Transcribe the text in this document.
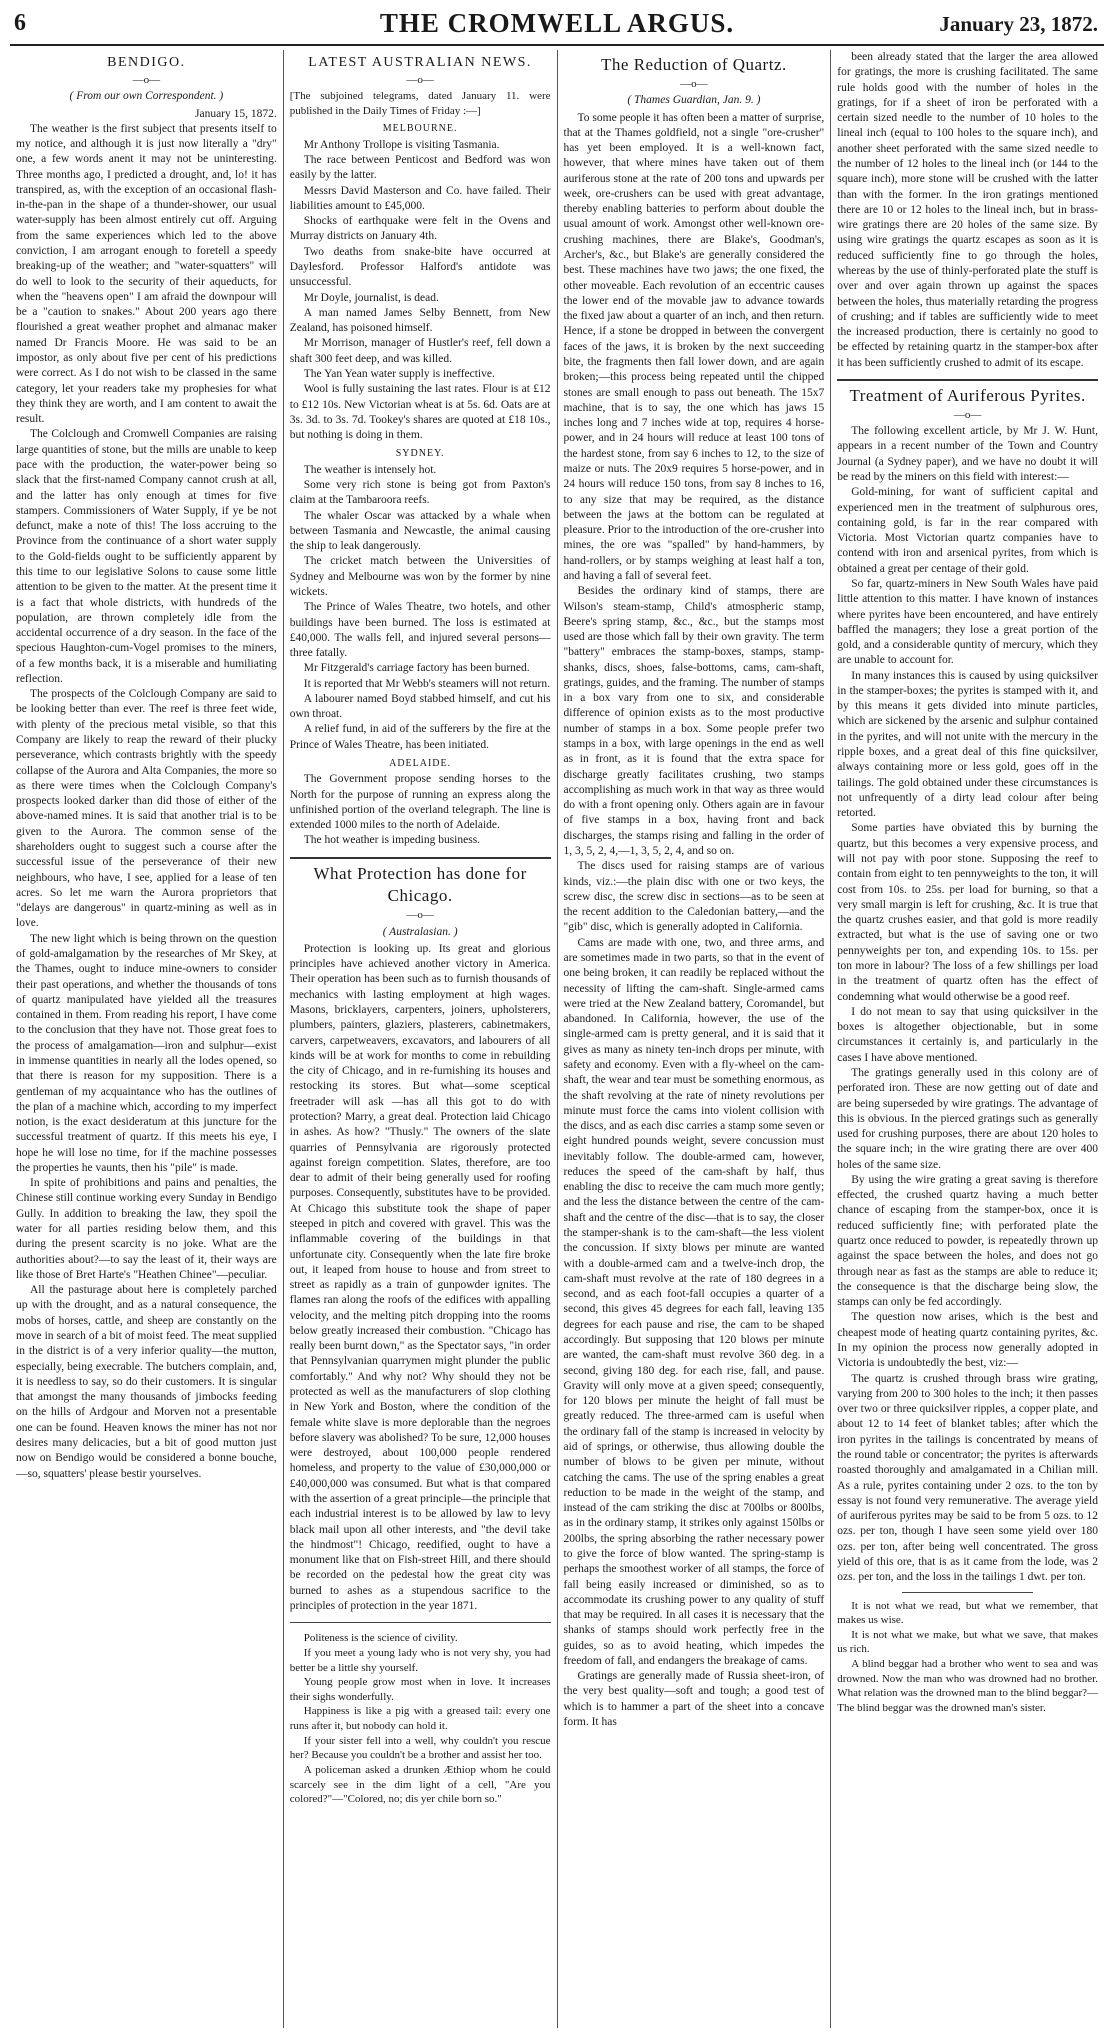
6	THE CROMWELL ARGUS.	January 23, 1872.
BENDIGO.
—o—
( From our own Correspondent. )
January 15, 1872.

The weather is the first subject that presents itself to my notice, and although it is just now literally a "dry" one, a few words anent it may not be uninteresting. Three months ago, I predicted a drought, and, lo! it has transpired, as, with the exception of an occasional flash-in-the-pan in the shape of a thunder-shower, our usual water-supply has been almost entirely cut off. Arguing from the same experiences which led to the above conviction, I am arrogant enough to foretell a speedy breaking-up of the weather; and "water-squatters" will do well to look to the security of their aqueducts, for when the "heavens open" I am afraid the downpour will be a "caution to snakes." About 200 years ago there flourished a great weather prophet and almanac maker named Dr Francis Moore. He was said to be an impostor, as only about five per cent of his predictions were correct. As I do not wish to be classed in the same category, let your readers take my prophesies for what they think they are worth, and I am content to await the result.

The Colclough and Cromwell Companies are raising large quantities of stone, but the mills are unable to keep pace with the production, the water-power being so slack that the first-named Company cannot crush at all, and the latter has only enough at times for five stampers. Commissioners of Water Supply, if ye be not defunct, make a note of this! The loss accruing to the Province from the continuance of a short water supply to the Gold-fields ought to be sufficiently apparent by this time to our legislative Solons to cause some little attention to be given to the matter. At the present time it is a fact that whole districts, with hundreds of the population, are thrown completely idle from the accidental occurrence of a dry season. In the face of the specious Haughton-cum-Vogel promises to the miners, of a few months back, it is a miserable and humiliating reflection.

The prospects of the Colclough Company are said to be looking better than ever. The reef is three feet wide, with plenty of the precious metal visible, so that this Company are likely to reap the reward of their plucky perseverance, which contrasts brightly with the speedy collapse of the Aurora and Alta Companies, the more so as there were times when the Colclough Company's prospects looked darker than did those of either of the above-named mines. It is said that another trial is to be given to the Aurora. The common sense of the shareholders ought to suggest such a course after the successful issue of the perseverance of their new neighbours, who have, I see, applied for a lease of ten acres. So let me warn the Aurora proprietors that "delays are dangerous" in quartz-mining as well as in love.

The new light which is being thrown on the question of gold-amalgamation by the researches of Mr Skey, at the Thames, ought to induce mine-owners to consider their past operations, and whether the thousands of tons of quartz manipulated have yielded all the treasures contained in them. From reading his report, I have come to the conclusion that they have not. Those great foes to the process of amalgamation—iron and sulphur—exist in immense quantities in nearly all the lodes opened, so that there is reason for my supposition. There is a gentleman of my acquaintance who has the outlines of the plan of a machine which, according to my imperfect notion, is the exact desideratum at this juncture for the successful treatment of quartz. If this meets his eye, I hope he will lose no time, for if the machine possesses the properties he vaunts, then his "pile" is made.

In spite of prohibitions and pains and penalties, the Chinese still continue working every Sunday in Bendigo Gully. In addition to breaking the law, they spoil the water for all parties residing below them, and this during the present scarcity is no joke. What are the authorities about?—to say the least of it, their ways are like those of Bret Harte's "Heathen Chinee"—peculiar.

All the pasturage about here is completely parched up with the drought, and as a natural consequence, the mobs of horses, cattle, and sheep are constantly on the move in search of a bit of moist feed. The meat supplied in the district is of a very inferior quality—the mutton, especially, being execrable. The butchers complain, and, it is needless to say, so do their customers. It is singular that amongst the many thousands of jimbocks feeding on the hills of Ardgour and Morven not a presentable one can be found. Heaven knows the miner has not nor desires many delicacies, but a bit of good mutton just now on Bendigo would be considered a bonne bouche,—so, squatters' please bestir yourselves.

LATEST AUSTRALIAN NEWS.
—o—

[The subjoined telegrams, dated January 11. were published in the Daily Times of Friday :—]

MELBOURNE.

Mr Anthony Trollope is visiting Tasmania.

The race between Penticost and Bedford was won easily by the latter.

Messrs David Masterson and Co. have failed. Their liabilities amount to £45,000.

Shocks of earthquake were felt in the Ovens and Murray districts on January 4th.

Two deaths from snake-bite have occurred at Daylesford. Professor Halford's antidote was unsuccessful.

Mr Doyle, journalist, is dead.

A man named James Selby Bennett, from New Zealand, has poisoned himself.

Mr Morrison, manager of Hustler's reef, fell down a shaft 300 feet deep, and was killed.

The Yan Yean water supply is ineffective.

Wool is fully sustaining the last rates. Flour is at £12 to £12 10s. New Victorian wheat is at 5s. 6d. Oats are at 3s. 3d. to 3s. 7d. Tookey's shares are quoted at £18 10s., but nothing is doing in them.

SYDNEY.

The weather is intensely hot.

Some very rich stone is being got from Paxton's claim at the Tambaroora reefs.

The whaler Oscar was attacked by a whale when between Tasmania and Newcastle, the animal causing the ship to leak dangerously.

The cricket match between the Universities of Sydney and Melbourne was won by the former by nine wickets.

The Prince of Wales Theatre, two hotels, and other buildings have been burned. The loss is estimated at £40,000. The walls fell, and injured several persons—three fatally.

Mr Fitzgerald's carriage factory has been burned.

It is reported that Mr Webb's steamers will not return.

A labourer named Boyd stabbed himself, and cut his own throat.

A relief fund, in aid of the sufferers by the fire at the Prince of Wales Theatre, has been initiated.

ADELAIDE.

The Government propose sending horses to the North for the purpose of running an express along the unfinished portion of the overland telegraph. The line is extended 1000 miles to the north of Adelaide.

The hot weather is impeding business.

What Protection has done for Chicago.
—o—
( Australasian. )

Protection is looking up. Its great and glorious principles have achieved another victory in America. Their operation has been such as to furnish thousands of mechanics with lasting employment at high wages. Masons, bricklayers, carpenters, joiners, upholsterers, plumbers, painters, glaziers, plasterers, cabinetmakers, carvers, carpetweavers, excavators, and labourers of all kinds will be at work for months to come in rebuilding the city of Chicago, and in re-furnishing its houses and restocking its stores. But what—some sceptical freetrader will ask —has all this got to do with protection? Marry, a great deal. Protection laid Chicago in ashes. As how? "Thusly." The owners of the slate quarries of Pennsylvania are rigorously protected against foreign competition. Slates, therefore, are too dear to admit of their being generally used for roofing purposes. Consequently, substitutes have to be provided. At Chicago this substitute took the shape of paper steeped in pitch and covered with gravel. This was the inflammable covering of the buildings in that unfortunate city. Consequently when the late fire broke out, it leaped from house to house and from street to street as rapidly as a train of gunpowder ignites. The flames ran along the roofs of the edifices with appalling velocity, and the melting pitch dropping into the rooms below greatly increased their combustion. "Chicago has really been burnt down," as the Spectator says, "in order that Pennsylvanian quarrymen might plunder the public comfortably." And why not? Why should they not be protected as well as the manufacturers of slop clothing in New York and Boston, where the condition of the female white slave is more deplorable than the negroes before slavery was abolished? To be sure, 12,000 houses were destroyed, about 100,000 people rendered homeless, and property to the value of £30,000,000 or £40,000,000 was consumed. But what is that compared with the assertion of a great principle—the principle that each industrial interest is to be allowed by law to levy black mail upon all other interests, and "the devil take the hindmost"! Chicago, reedified, ought to have a monument like that on Fish-street Hill, and there should be recorded on the pedestal how the great city was burned to ashes as a stupendous sacrifice to the principles of protection in the year 1871.

Politeness is the science of civility.

If you meet a young lady who is not very shy, you had better be a little shy yourself.

Young people grow most when in love. It increases their sighs wonderfully.

Happiness is like a pig with a greased tail: every one runs after it, but nobody can hold it.

If your sister fell into a well, why couldn't you rescue her? Because you couldn't be a brother and assist her too.

A policeman asked a drunken Æthiop whom he could scarcely see in the dim light of a cell, "Are you colored?"—"Colored, no; dis yer chile born so."

The Reduction of Quartz.
—o—
( Thames Guardian, Jan. 9. )

To some people it has often been a matter of surprise, that at the Thames goldfield, not a single "ore-crusher" has yet been employed. It is a well-known fact, however, that where mines have taken out of them auriferous stone at the rate of 200 tons and upwards per week, ore-crushers can be used with great advantage, thereby enabling batteries to perform about double the usual amount of work. Amongst other well-known ore-crushing machines, there are Blake's, Goodman's, Archer's, &c., but Blake's are generally considered the best. These machines have two jaws; the one fixed, the other moveable. Each revolution of an eccentric causes the lower end of the movable jaw to advance towards the fixed jaw about a quarter of an inch, and then return. Hence, if a stone be dropped in between the convergent faces of the jaws, it is broken by the next succeeding bite, the fragments then fall lower down, and are again broken;—this process being repeated until the chipped stones are small enough to pass out beneath. The 15x7 machine, that is to say, the one which has jaws 15 inches long and 7 inches wide at top, requires 4 horse-power, and in 24 hours will reduce at least 100 tons of the hardest stone, from say 6 inches to 12, to the size of maize or nuts. The 20x9 requires 5 horse-power, and in 24 hours will reduce 150 tons, from say 8 inches to 16, to any size that may be required, as the distance between the jaws at the bottom can be regulated at pleasure. Prior to the introduction of the ore-crusher into mines, the ore was "spalled" by hand-hammers, by hand-rollers, or by stamps weighing at least half a ton, and having a fall of several feet.

Besides the ordinary kind of stamps, there are Wilson's steam-stamp, Child's atmospheric stamp, Beere's spring stamp, &c., &c., but the stamps most used are those which fall by their own gravity. The term "battery" embraces the stamp-boxes, stamps, stamp-shanks, discs, shoes, false-bottoms, cams, cam-shaft, gratings, guides, and the framing. The number of stamps in a box vary from one to six, and considerable difference of opinion exists as to the most productive number of stamps in a box. Some people prefer two stamps in a box, with large openings in the end as well as in front, as it is found that the extra space for discharge greatly facilitates crushing, two stamps accomplishing as much work in that way as three would do with a front opening only. Others again are in favour of five stamps in a box, having front and back discharges, the stamps rising and falling in the order of 1, 3, 5, 2, 4,—1, 3, 5, 2, 4, and so on.

The discs used for raising stamps are of various kinds, viz.:—the plain disc with one or two keys, the screw disc, the screw disc in sections—as to be seen at the recent addition to the Caledonian battery,—and the "gib" disc, which is generally adopted in California.

Cams are made with one, two, and three arms, and are sometimes made in two parts, so that in the event of one being broken, it can readily be replaced without the necessity of lifting the cam-shaft. Single-armed cams were tried at the New Zealand battery, Coromandel, but abandoned. In California, however, the use of the single-armed cam is pretty general, and it is said that it gives as many as ninety ten-inch drops per minute, with safety and economy. Even with a fly-wheel on the cam-shaft, the wear and tear must be something enormous, as the shaft revolving at the rate of ninety revolutions per minute must force the cams into violent collision with the discs, and as each disc carries a stamp some seven or eight hundred pounds weight, severe concussion must inevitably follow. The double-armed cam, however, reduces the speed of the cam-shaft by half, thus enabling the disc to receive the cam much more gently; and the less the distance between the centre of the cam-shaft and the centre of the disc—that is to say, the closer the stamper-shank is to the cam-shaft—the less violent the concussion. If sixty blows per minute are wanted with a double-armed cam and a twelve-inch drop, the cam-shaft must revolve at the rate of 180 degrees in a second, and as each foot-fall occupies a quarter of a second, this gives 45 degrees for each fall, leaving 135 degrees for each pause and rise, the cam to be shaped accordingly. But supposing that 120 blows per minute are wanted, the cam-shaft must revolve 360 deg. in a second, giving 180 deg. for each rise, fall, and pause. Gravity will only move at a given speed; consequently, for 120 blows per minute the height of fall must be greatly reduced. The three-armed cam is useful when the ordinary fall of the stamp is increased in velocity by aid of springs, or otherwise, thus allowing double the number of blows to be given per minute, without catching the cams. The use of the spring enables a great reduction to be made in the weight of the stamp, and instead of the cam striking the disc at 700lbs or 800lbs, as in the ordinary stamp, it strikes only against 150lbs or 200lbs, the spring absorbing the rather necessary power to give the force of blow wanted. The spring-stamp is perhaps the smoothest worker of all stamps, the force of fall being easily increased or diminished, so as to accommodate its crushing power to any quality of stuff that may be required. In all cases it is necessary that the shanks of stamps should work perfectly free in the guides, so as to avoid heating, which impedes the freedom of fall, and endangers the breakage of cams.

Gratings are generally made of Russia sheet-iron, of the very best quality—soft and tough; a good test of which is to hammer a part of the sheet into a concave form. It has

been already stated that the larger the area allowed for gratings, the more is crushing facilitated. The same rule holds good with the number of holes in the gratings, for if a sheet of iron be perforated with a certain sized needle to the number of 10 holes to the lineal inch (equal to 100 holes to the square inch), and another sheet perforated with the same sized needle to the number of 12 holes to the lineal inch (or 144 to the square inch), more stone will be crushed with the latter than with the former. In the iron gratings mentioned there are 10 or 12 holes to the lineal inch, but in brass-wire gratings there are 20 holes of the same size. By using wire gratings the quartz escapes as soon as it is reduced sufficiently fine to go through the holes, whereas by the use of thinly-perforated plate the stuff is over and over again thrown up against the spaces between the holes, thus materially retarding the progress of crushing; and if tables are sufficiently wide to meet the increased production, there is certainly no good to be effected by retaining quartz in the stamper-box after it has been sufficiently crushed to admit of its escape.

Treatment of Auriferous Pyrites.
—o—

The following excellent article, by Mr J. W. Hunt, appears in a recent number of the Town and Country Journal (a Sydney paper), and we have no doubt it will be read by the miners on this field with interest:—

Gold-mining, for want of sufficient capital and experienced men in the treatment of sulphurous ores, containing gold, is far in the rear compared with Victoria. Most Victorian quartz companies have to contend with iron and arsenical pyrites, from which is obtained a great per centage of their gold.

So far, quartz-miners in New South Wales have paid little attention to this matter. I have known of instances where pyrites have been encountered, and have entirely baffled the managers; they lose a great portion of the gold, and a considerable quntity of mercury, which they are unable to account for.

In many instances this is caused by using quicksilver in the stamper-boxes; the pyrites is stamped with it, and by this means it gets divided into minute particles, which are sickened by the arsenic and sulphur contained in the pyrites, and will not unite with the mercury in the ripple boxes, and a great deal of this fine quicksilver, always containing more or less gold, goes off in the tailings. The gold obtained under these circumstances is not unfrequently of a dirty lead colour after being retorted.

Some parties have obviated this by burning the quartz, but this becomes a very expensive process, and will not pay with poor stone. Supposing the reef to contain from eight to ten pennyweights to the ton, it will cost from 10s. to 25s. per load for burning, so that a very small margin is left for crushing, &c. It is true that the quartz crushes easier, and that gold is more readily extracted, but what is the use of saving one or two pennyweights per ton, and expending 10s. to 15s. per ton more in labour? The loss of a few shillings per load in the treatment of quartz often has the effect of condemning what would otherwise be a good reef.

I do not mean to say that using quicksilver in the boxes is altogether objectionable, but in some circumstances it certainly is, and particularly in the cases I have above mentioned.

The gratings generally used in this colony are of perforated iron. These are now getting out of date and are being superseded by wire gratings. The advantage of this is obvious. In the pierced gratings such as generally used for crushing purposes, there are about 120 holes to the square inch; in the wire grating there are over 400 holes of the same size.

By using the wire grating a great saving is therefore effected, the crushed quartz having a much better chance of escaping from the stamper-box, once it is reduced sufficiently fine; with perforated plate the quartz once reduced to powder, is repeatedly thrown up against the space between the holes, and does not go through near as fast as the stamps are able to reduce it; the consequence is that the discharge being slow, the stamps can only be fed accordingly.

The question now arises, which is the best and cheapest mode of heating quartz containing pyrites, &c. In my opinion the process now generally adopted in Victoria is undoubtedly the best, viz:—

The quartz is crushed through brass wire grating, varying from 200 to 300 holes to the inch; it then passes over two or three quicksilver ripples, a copper plate, and about 12 to 14 feet of blanket tables; after which the iron pyrites in the tailings is concentrated by means of the round table or concentrator; the pyrites is afterwards roasted thoroughly and amalgamated in a Chilian mill. As a rule, pyrites containing under 2 ozs. to the ton by essay is not found very remunerative. The average yield of auriferous pyrites may be said to be from 5 ozs. to 12 ozs. per ton, though I have seen some yield over 180 ozs. per ton, after being well concentrated. The gross yield of this ore, that is as it came from the lode, was 2 ozs. per ton, and the loss in the tailings 1 dwt. per ton.

It is not what we read, but what we remember, that makes us wise.

It is not what we make, but what we save, that makes us rich.

A blind beggar had a brother who went to sea and was drowned. Now the man who was drowned had no brother. What relation was the drowned man to the blind beggar?—The blind beggar was the drowned man's sister.
